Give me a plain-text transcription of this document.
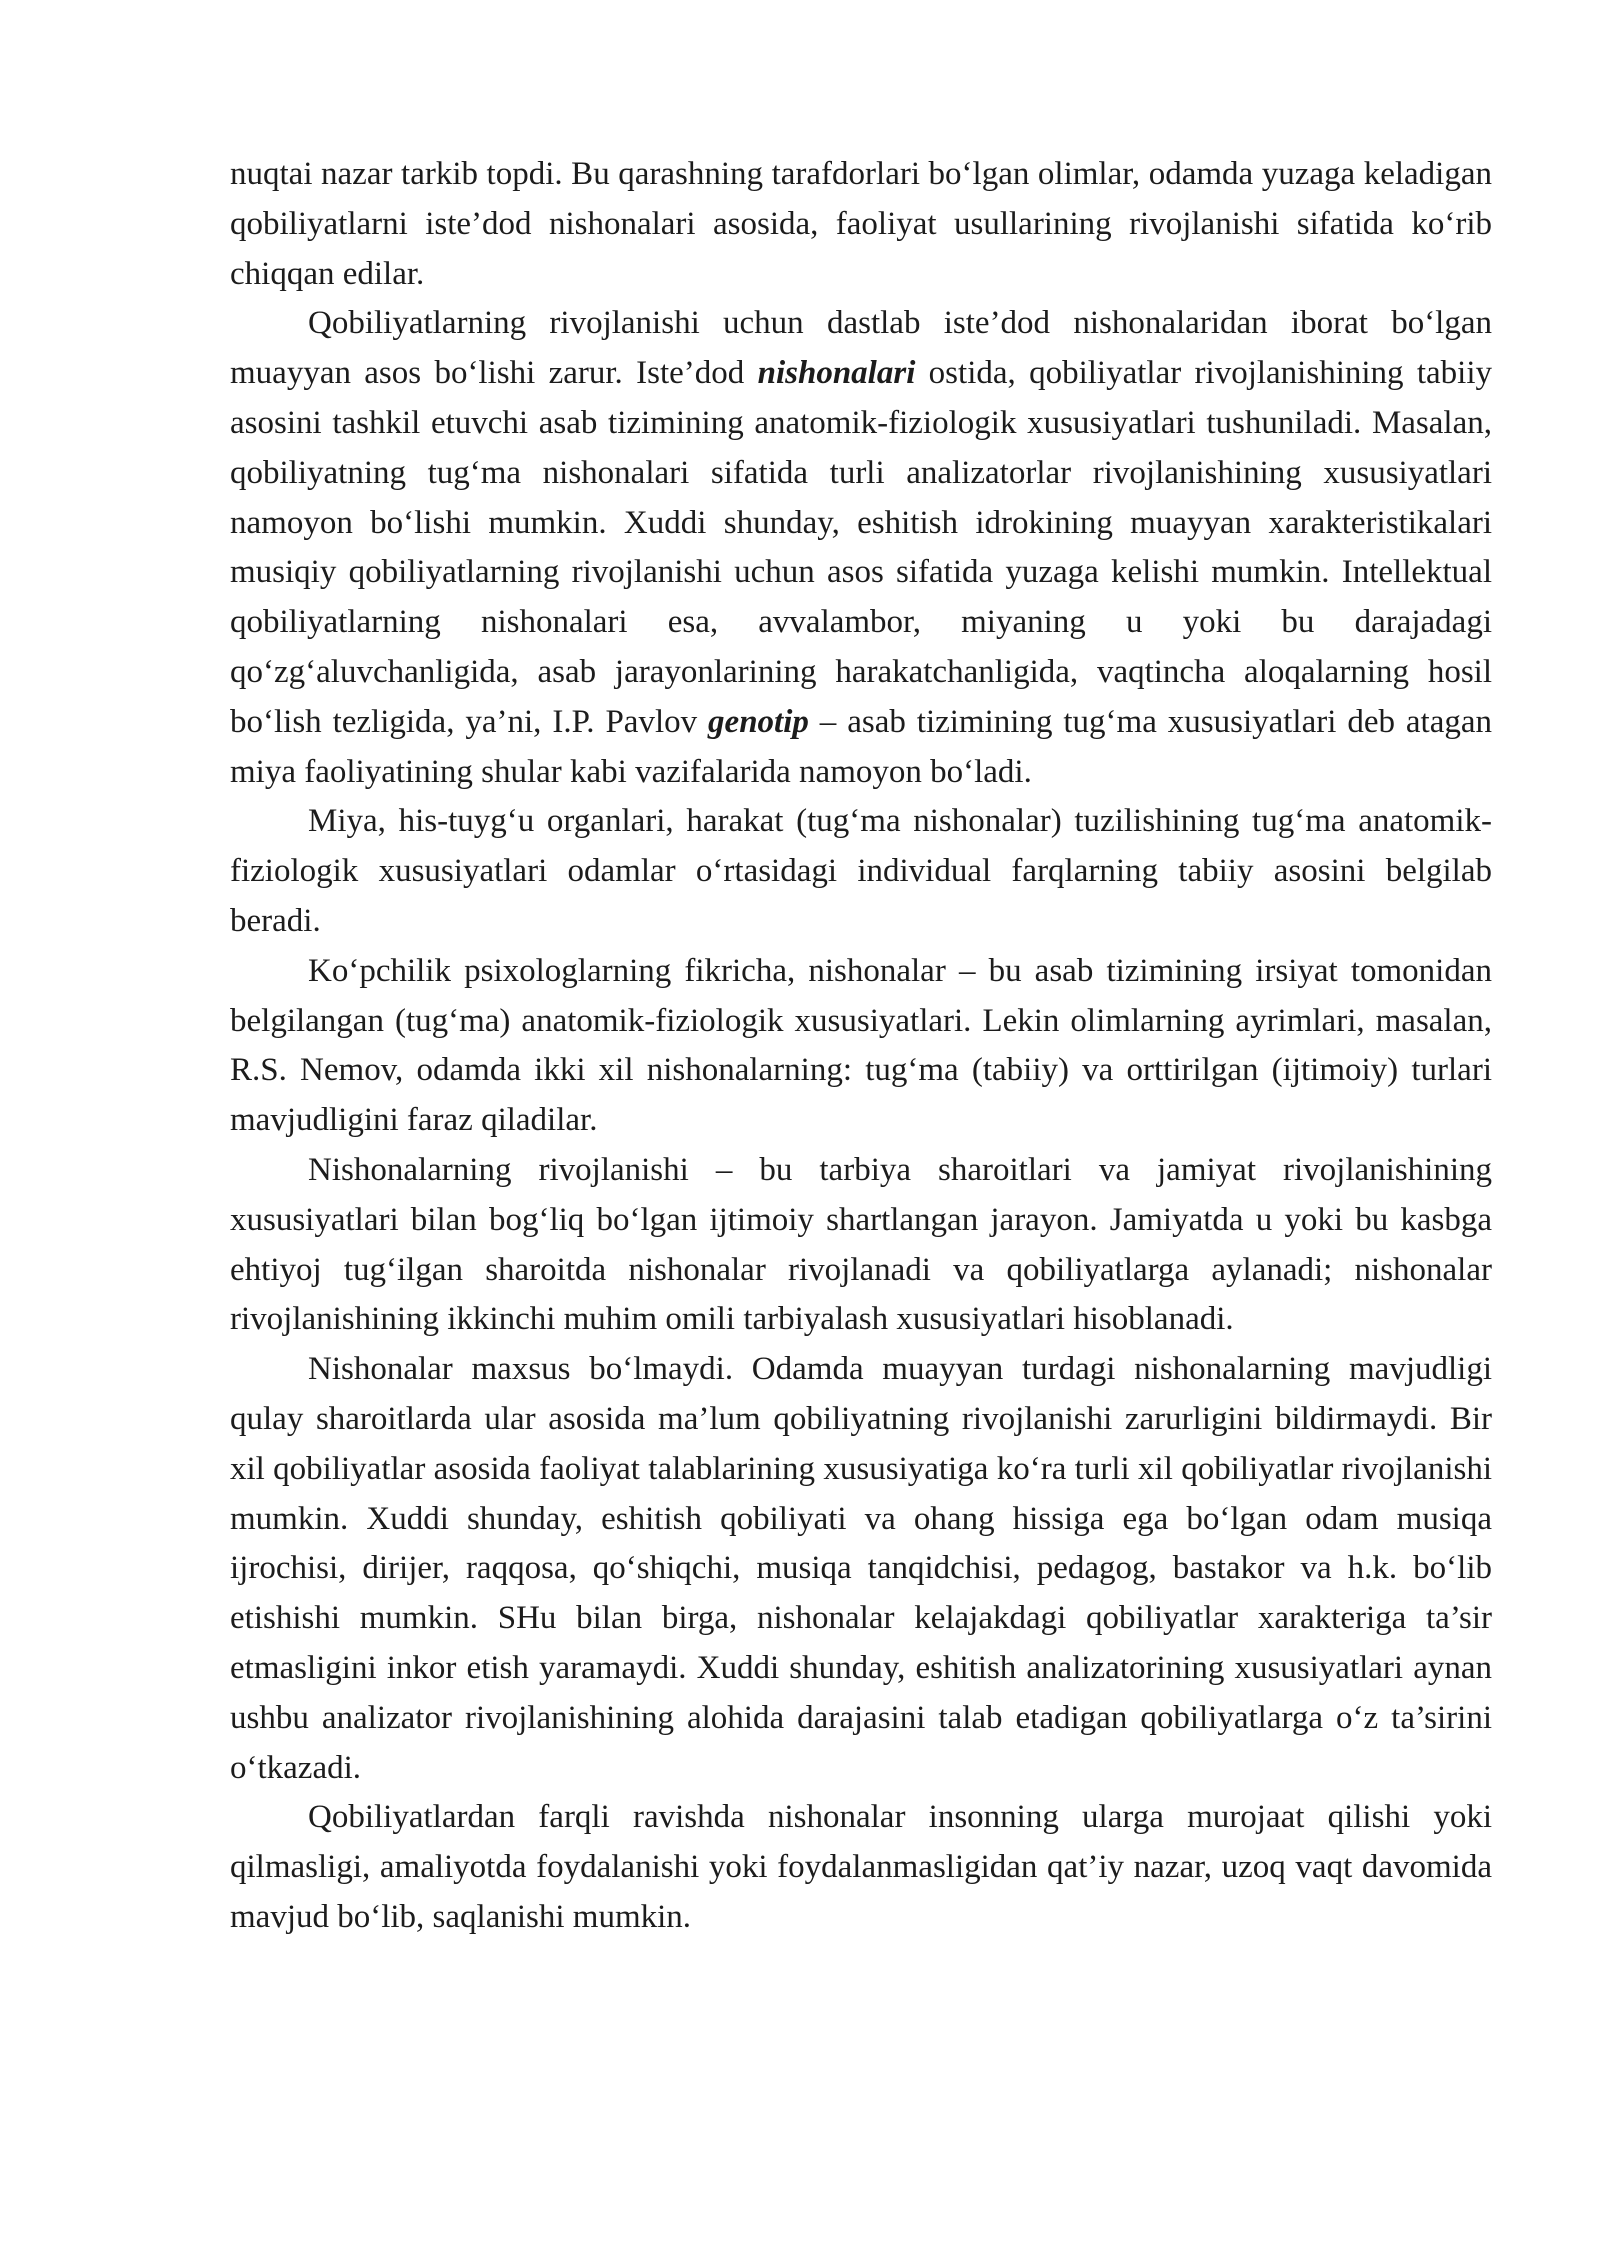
nuqtai nazar tarkib topdi. Bu qarashning tarafdorlari bo‘lgan olimlar, odamda yuzaga keladigan qobiliyatlarni iste’dod nishonalari asosida, faoliyat usullarining rivojlanishi sifatida ko‘rib chiqqan edilar.

Qobiliyatlarning rivojlanishi uchun dastlab iste’dod nishonalaridan iborat bo‘lgan muayyan asos bo‘lishi zarur. Iste’dod nishonalari ostida, qobiliyatlar rivojlanishining tabiiy asosini tashkil etuvchi asab tizimining anatomik-fiziologik xususiyatlari tushuniladi. Masalan, qobiliyatning tug‘ma nishonalari sifatida turli analizatorlar rivojlanishining xususiyatlari namoyon bo‘lishi mumkin. Xuddi shunday, eshitish idrokining muayyan xarakteristikalari musiqiy qobiliyatlarning rivojlanishi uchun asos sifatida yuzaga kelishi mumkin. Intellektual qobiliyatlarning nishonalari esa, avvalambor, miyaning u yoki bu darajadagi qo‘zg‘aluvchanligida, asab jarayonlarining harakatchanligida, vaqtincha aloqalarning hosil bo‘lish tezligida, ya’ni, I.P. Pavlov genotip – asab tizimining tug‘ma xususiyatlari deb atagan miya faoliyatining shular kabi vazifalarida namoyon bo‘ladi.

Miya, his-tuyg‘u organlari, harakat (tug‘ma nishonalar) tuzilishining tug‘ma anatomik-fiziologik xususiyatlari odamlar o‘rtasidagi individual farqlarning tabiiy asosini belgilab beradi.

Ko‘pchilik psixologlarning fikricha, nishonalar – bu asab tizimining irsiyat tomonidan belgilangan (tug‘ma) anatomik-fiziologik xususiyatlari. Lekin olimlarning ayrimlari, masalan, R.S. Nemov, odamda ikki xil nishonalarning: tug‘ma (tabiiy) va orttirilgan (ijtimoiy) turlari mavjudligini faraz qiladilar.

Nishonalarning rivojlanishi – bu tarbiya sharoitlari va jamiyat rivojlanishining xususiyatlari bilan bog‘liq bo‘lgan ijtimoiy shartlangan jarayon. Jamiyatda u yoki bu kasbga ehtiyoj tug‘ilgan sharoitda nishonalar rivojlanadi va qobiliyatlarga aylanadi; nishonalar rivojlanishining ikkinchi muhim omili tarbiyalash xususiyatlari hisoblanadi.

Nishonalar maxsus bo‘lmaydi. Odamda muayyan turdagi nishonalarning mavjudligi qulay sharoitlarda ular asosida ma’lum qobiliyatning rivojlanishi zarurligini bildirmaydi. Bir xil qobiliyatlar asosida faoliyat talablarining xususiyatiga ko‘ra turli xil qobiliyatlar rivojlanishi mumkin. Xuddi shunday, eshitish qobiliyati va ohang hissiga ega bo‘lgan odam musiqa ijrochisi, dirijer, raqqosa, qo‘shiqchi, musiqa tanqidchisi, pedagog, bastakor va h.k. bo‘lib etishishi mumkin. SHu bilan birga, nishonalar kelajakdagi qobiliyatlar xarakteriga ta’sir etmasligini inkor etish yaramaydi. Xuddi shunday, eshitish analizatorining xususiyatlari aynan ushbu analizator rivojlanishining alohida darajasini talab etadigan qobiliyatlarga o‘z ta’sirini o‘tkazadi.

Qobiliyatlardan farqli ravishda nishonalar insonning ularga murojaat qilishi yoki qilmasligi, amaliyotda foydalanishi yoki foydalanmasligidan qat’iy nazar, uzoq vaqt davomida mavjud bo‘lib, saqlanishi mumkin.
